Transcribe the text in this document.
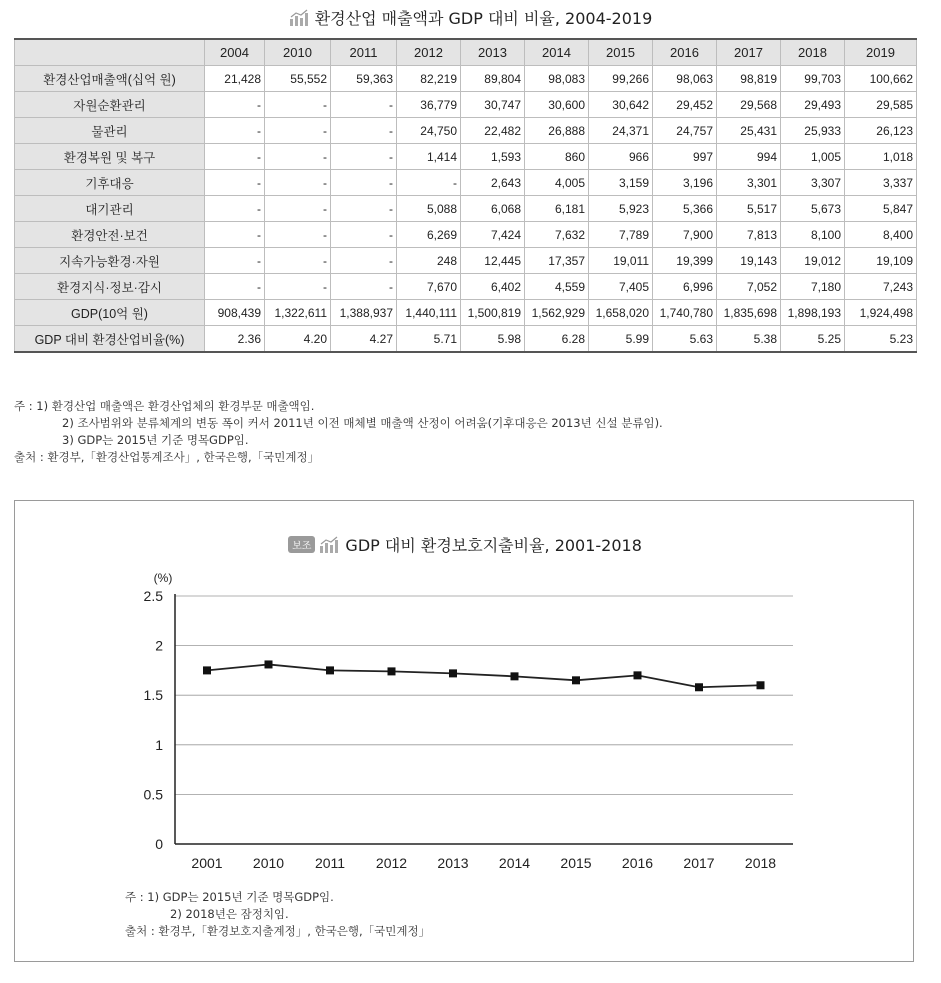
환경산업 매출액과 GDP 대비 비율, 2004-2019
	2004	2010	2011	2012	2013	2014	2015	2016	2017	2018	2019
환경산업매출액(십억 원)	21,428	55,552	59,363	82,219	89,804	98,083	99,266	98,063	98,819	99,703	100,662
자원순환관리	-	-	-	36,779	30,747	30,600	30,642	29,452	29,568	29,493	29,585
물관리	-	-	-	24,750	22,482	26,888	24,371	24,757	25,431	25,933	26,123
환경복원 및 복구	-	-	-	1,414	1,593	860	966	997	994	1,005	1,018
기후대응	-	-	-	-	2,643	4,005	3,159	3,196	3,301	3,307	3,337
대기관리	-	-	-	5,088	6,068	6,181	5,923	5,366	5,517	5,673	5,847
환경안전·보건	-	-	-	6,269	7,424	7,632	7,789	7,900	7,813	8,100	8,400
지속가능환경·자원	-	-	-	248	12,445	17,357	19,011	19,399	19,143	19,012	19,109
환경지식·정보·감시	-	-	-	7,670	6,402	4,559	7,405	6,996	7,052	7,180	7,243
GDP(10억 원)	908,439	1,322,611	1,388,937	1,440,111	1,500,819	1,562,929	1,658,020	1,740,780	1,835,698	1,898,193	1,924,498
GDP 대비 환경산업비율(%)	2.36	4.20	4.27	5.71	5.98	6.28	5.99	5.63	5.38	5.25	5.23
주 : 1) 환경산업 매출액은 환경산업체의 환경부문 매출액임.
2) 조사범위와 분류체계의 변동 폭이 커서 2011년 이전 매체별 매출액 산정이 어려움(기후대응은 2013년 신설 분류임).
3) GDP는 2015년 기준 명목GDP임.
출처 : 환경부,「환경산업통계조사」, 한국은행,「국민계정」
보조 GDP 대비 환경보호지출비율, 2001-2018
0
0.5
1
1.5
2
2.5
(%)
2001 2010 2011 2012 2013 2014 2015 2016 2017 2018
주 : 1) GDP는 2015년 기준 명목GDP임.
2) 2018년은 잠정치임.
출처 : 환경부,「환경보호지출계정」, 한국은행,「국민계정」
